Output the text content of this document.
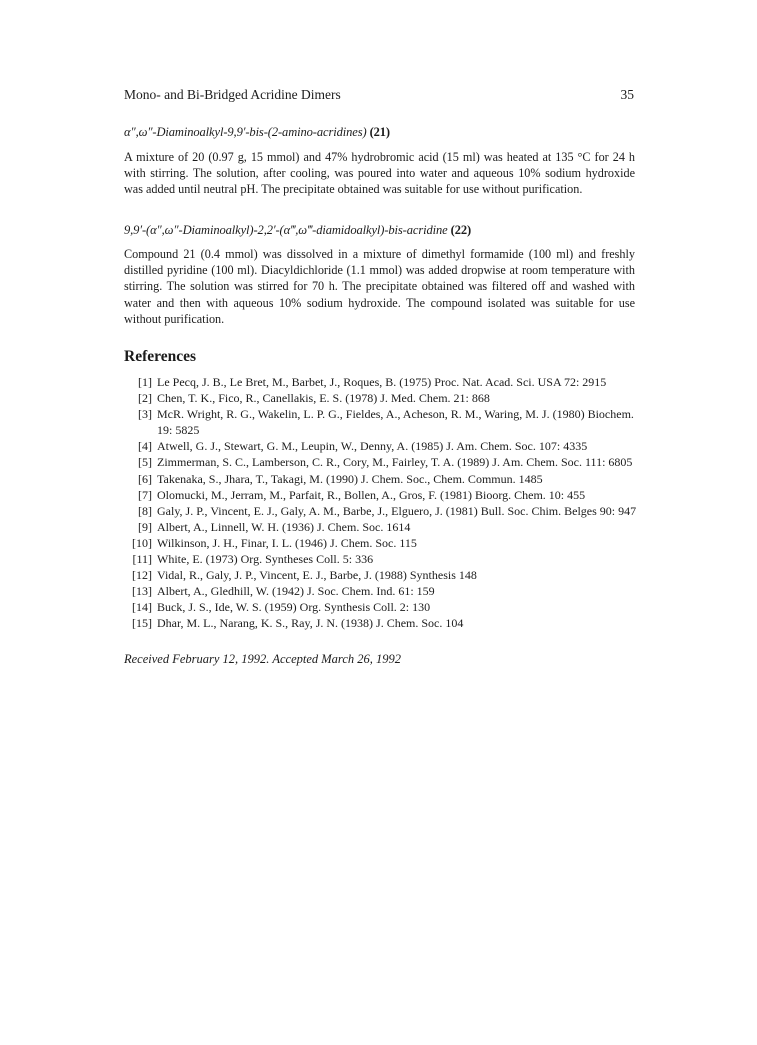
Mono- and Bi-Bridged Acridine Dimers	35
α″,ω″-Diaminoalkyl-9,9′-bis-(2-amino-acridines) (21)

A mixture of 20 (0.97 g, 15 mmol) and 47% hydrobromic acid (15 ml) was heated at 135 °C for 24 h with stirring. The solution, after cooling, was poured into water and aqueous 10% sodium hydroxide was added until neutral pH. The precipitate obtained was suitable for use without purification.

9,9′-(α″,ω″-Diaminoalkyl)-2,2′-(α‴,ω‴-diamidoalkyl)-bis-acridine (22)

Compound 21 (0.4 mmol) was dissolved in a mixture of dimethyl formamide (100 ml) and freshly distilled pyridine (100 ml). Diacyldichloride (1.1 mmol) was added dropwise at room temperature with stirring. The solution was stirred for 70 h. The precipitate obtained was filtered off and washed with water and then with aqueous 10% sodium hydroxide. The compound isolated was suitable for use without purification.

References
[1] Le Pecq, J. B., Le Bret, M., Barbet, J., Roques, B. (1975) Proc. Nat. Acad. Sci. USA 72: 2915
[2] Chen, T. K., Fico, R., Canellakis, E. S. (1978) J. Med. Chem. 21: 868
[3] McR. Wright, R. G., Wakelin, L. P. G., Fieldes, A., Acheson, R. M., Waring, M. J. (1980) Biochem. 19: 5825
[4] Atwell, G. J., Stewart, G. M., Leupin, W., Denny, A. (1985) J. Am. Chem. Soc. 107: 4335
[5] Zimmerman, S. C., Lamberson, C. R., Cory, M., Fairley, T. A. (1989) J. Am. Chem. Soc. 111: 6805
[6] Takenaka, S., Jhara, T., Takagi, M. (1990) J. Chem. Soc., Chem. Commun. 1485
[7] Olomucki, M., Jerram, M., Parfait, R., Bollen, A., Gros, F. (1981) Bioorg. Chem. 10: 455
[8] Galy, J. P., Vincent, E. J., Galy, A. M., Barbe, J., Elguero, J. (1981) Bull. Soc. Chim. Belges 90: 947
[9] Albert, A., Linnell, W. H. (1936) J. Chem. Soc. 1614
[10] Wilkinson, J. H., Finar, I. L. (1946) J. Chem. Soc. 115
[11] White, E. (1973) Org. Syntheses Coll. 5: 336
[12] Vidal, R., Galy, J. P., Vincent, E. J., Barbe, J. (1988) Synthesis 148
[13] Albert, A., Gledhill, W. (1942) J. Soc. Chem. Ind. 61: 159
[14] Buck, J. S., Ide, W. S. (1959) Org. Synthesis Coll. 2: 130
[15] Dhar, M. L., Narang, K. S., Ray, J. N. (1938) J. Chem. Soc. 104
Received February 12, 1992. Accepted March 26, 1992
